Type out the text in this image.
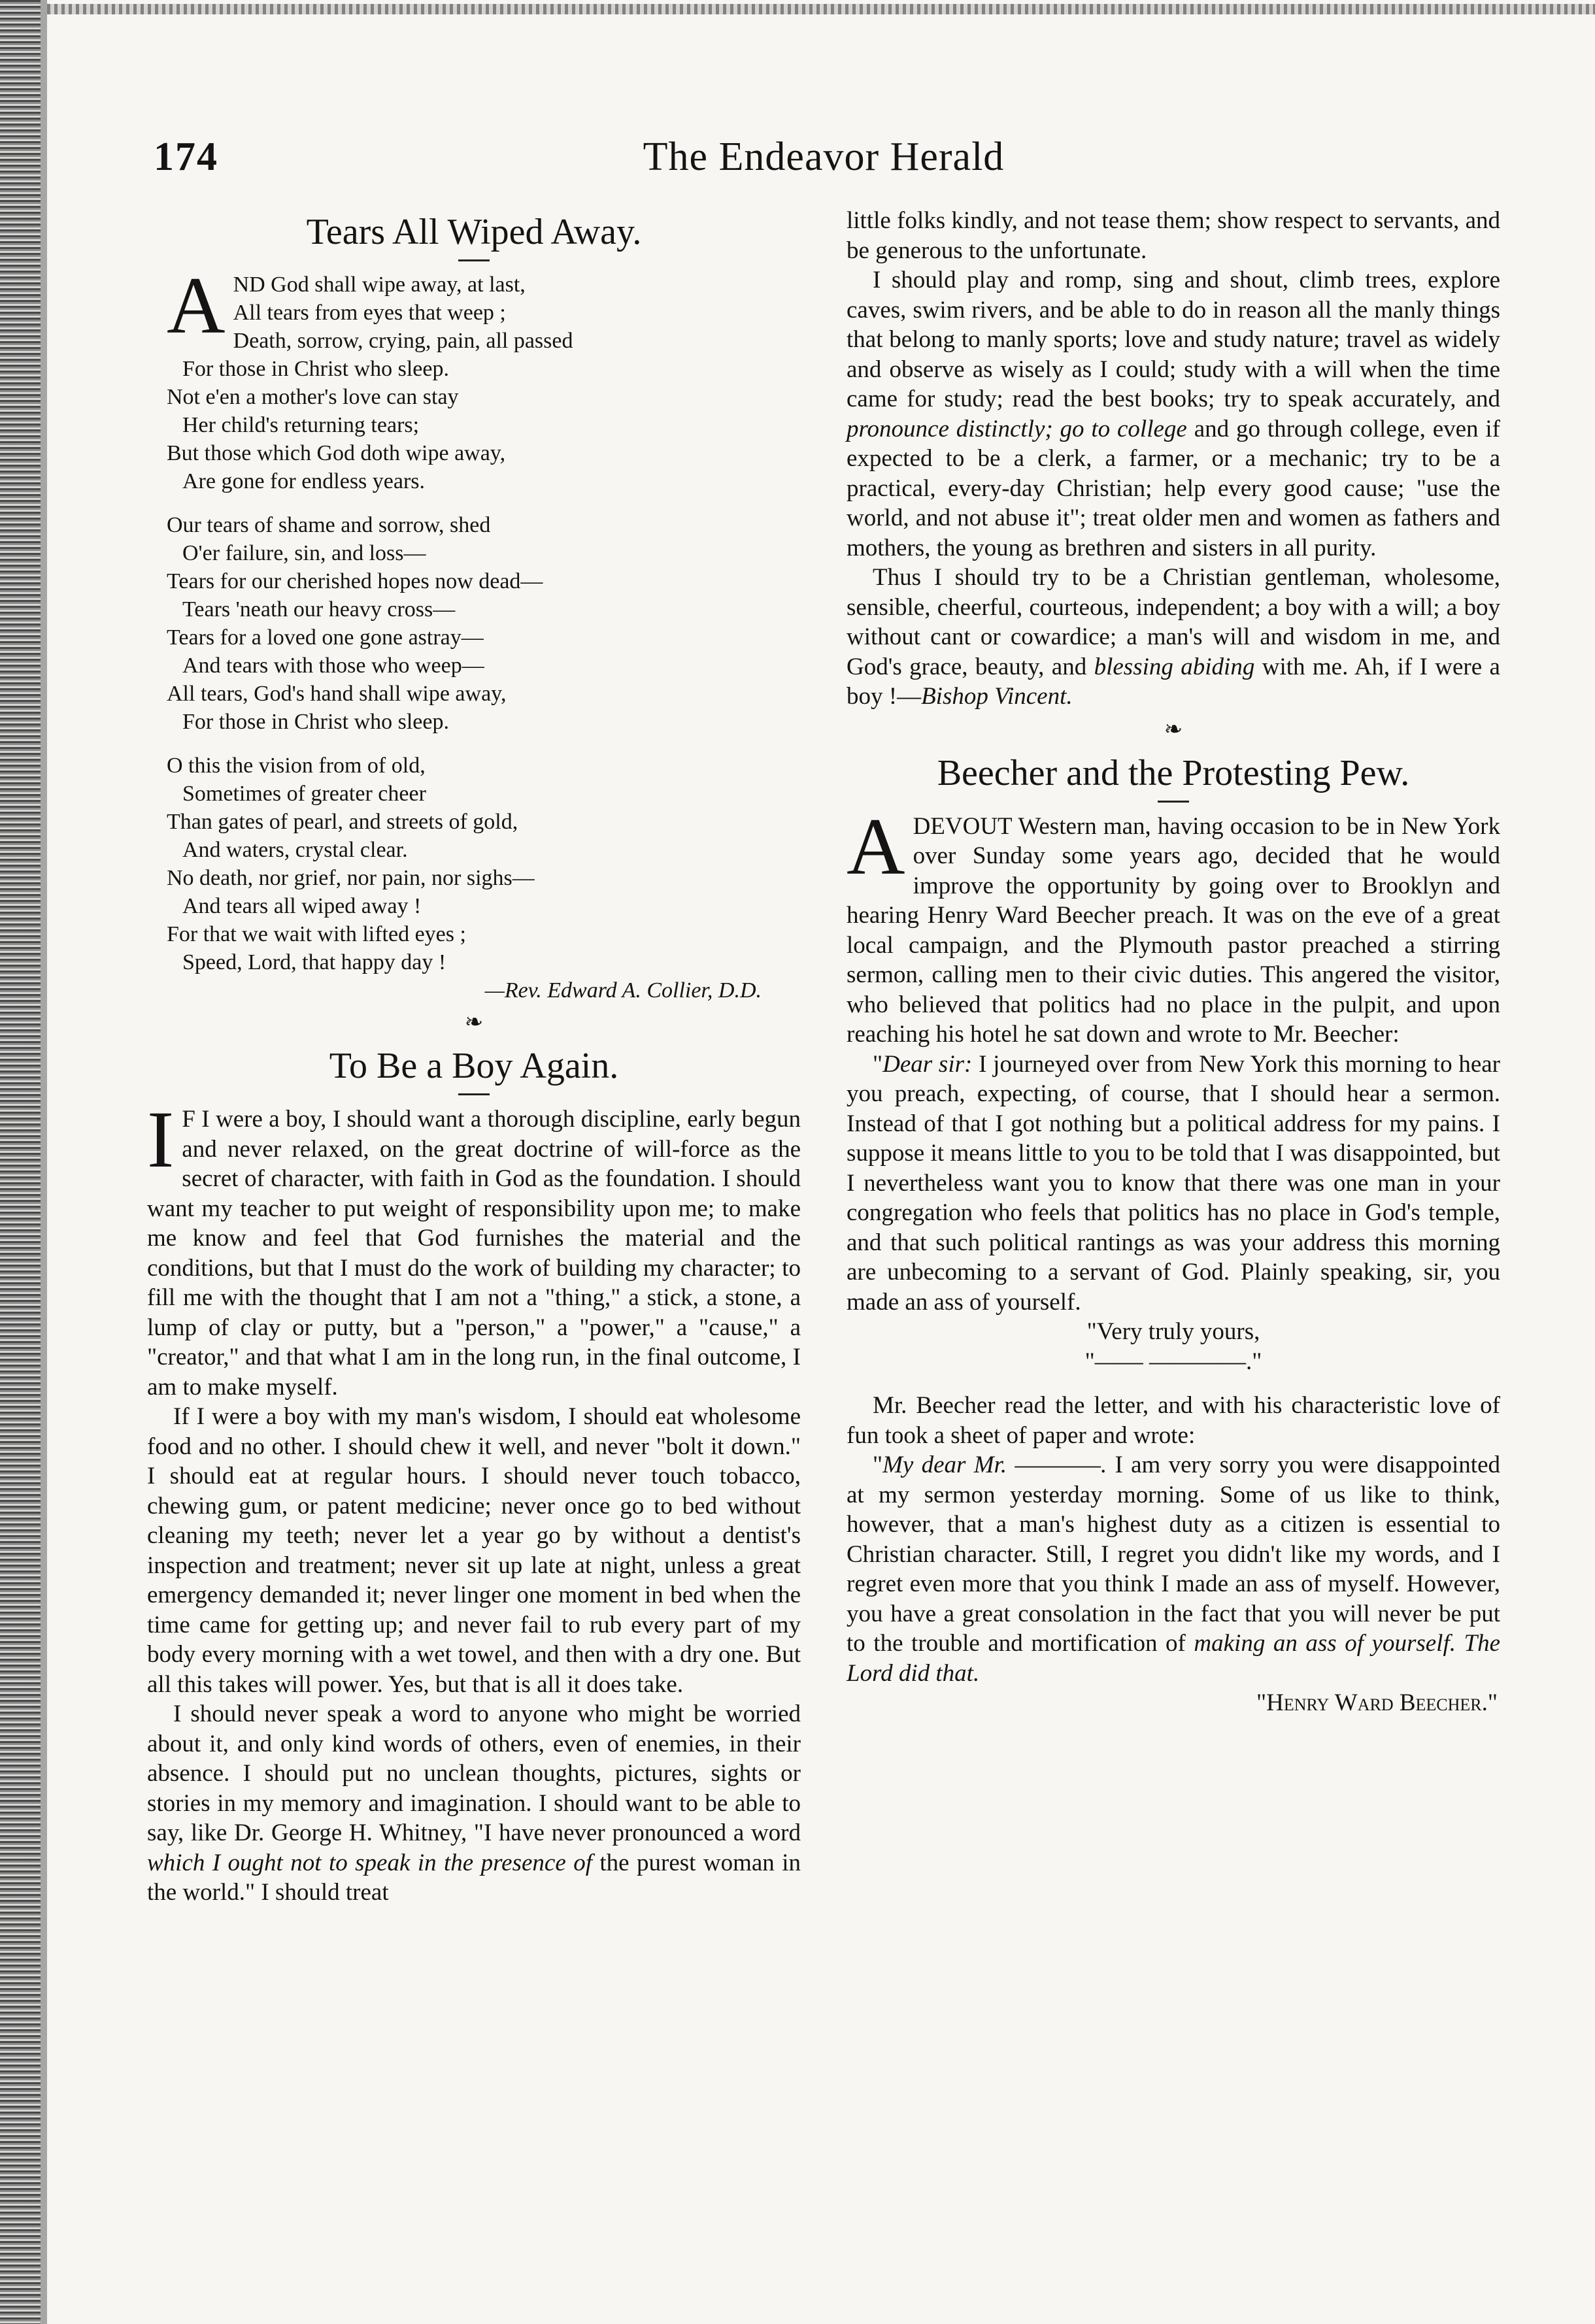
174	The Endeavor Herald
Tears All Wiped Away.
A ND God shall wipe away, at last,
All tears from eyes that weep ;
Death, sorrow, crying, pain, all passed
For those in Christ who sleep.
Not e'en a mother's love can stay
Her child's returning tears;
But those which God doth wipe away,
Are gone for endless years.
Our tears of shame and sorrow, shed
O'er failure, sin, and loss—
Tears for our cherished hopes now dead—
Tears 'neath our heavy cross—
Tears for a loved one gone astray—
And tears with those who weep—
All tears, God's hand shall wipe away,
For those in Christ who sleep.
O this the vision from of old,
Sometimes of greater cheer
Than gates of pearl, and streets of gold,
And waters, crystal clear.
No death, nor grief, nor pain, nor sighs—
And tears all wiped away !
For that we wait with lifted eyes ;
Speed, Lord, that happy day !
—Rev. Edward A. Collier, D.D.
❧
To Be a Boy Again.

I F I were a boy, I should want a thorough discipline, early begun and never relaxed, on the great doctrine of will-force as the secret of character, with faith in God as the foundation. I should want my teacher to put weight of responsibility upon me; to make me know and feel that God furnishes the material and the conditions, but that I must do the work of building my character; to fill me with the thought that I am not a "thing," a stick, a stone, a lump of clay or putty, but a "person," a "power," a "cause," a "creator," and that what I am in the long run, in the final outcome, I am to make myself.

If I were a boy with my man's wisdom, I should eat wholesome food and no other. I should chew it well, and never "bolt it down." I should eat at regular hours. I should never touch tobacco, chewing gum, or patent medicine; never once go to bed without cleaning my teeth; never let a year go by without a dentist's inspection and treatment; never sit up late at night, unless a great emergency demanded it; never linger one moment in bed when the time came for getting up; and never fail to rub every part of my body every morning with a wet towel, and then with a dry one. But all this takes will power. Yes, but that is all it does take.

I should never speak a word to anyone who might be worried about it, and only kind words of others, even of enemies, in their absence. I should put no unclean thoughts, pictures, sights or stories in my memory and imagination. I should want to be able to say, like Dr. George H. Whitney, "I have never pronounced a word which I ought not to speak in the presence of the purest woman in the world." I should treat

little folks kindly, and not tease them; show respect to servants, and be generous to the unfortunate.

I should play and romp, sing and shout, climb trees, explore caves, swim rivers, and be able to do in reason all the manly things that belong to manly sports; love and study nature; travel as widely and observe as wisely as I could; study with a will when the time came for study; read the best books; try to speak accurately, and pronounce distinctly; go to college and go through college, even if expected to be a clerk, a farmer, or a mechanic; try to be a practical, every-day Christian; help every good cause; "use the world, and not abuse it"; treat older men and women as fathers and mothers, the young as brethren and sisters in all purity.

Thus I should try to be a Christian gentleman, wholesome, sensible, cheerful, courteous, independent; a boy with a will; a boy without cant or cowardice; a man's will and wisdom in me, and God's grace, beauty, and blessing abiding with me. Ah, if I were a boy !—Bishop Vincent.

❧
Beecher and the Protesting Pew.

ADEVOUT Western man, having occasion to be in New York over Sunday some years ago, decided that he would improve the opportunity by going over to Brooklyn and hearing Henry Ward Beecher preach. It was on the eve of a great local campaign, and the Plymouth pastor preached a stirring sermon, calling men to their civic duties. This angered the visitor, who believed that politics had no place in the pulpit, and upon reaching his hotel he sat down and wrote to Mr. Beecher:

"Dear sir: I journeyed over from New York this morning to hear you preach, expecting, of course, that I should hear a sermon. Instead of that I got nothing but a political address for my pains. I suppose it means little to you to be told that I was disappointed, but I nevertheless want you to know that there was one man in your congregation who feels that politics has no place in God's temple, and that such political rantings as was your address this morning are unbecoming to a servant of God. Plainly speaking, sir, you made an ass of yourself.

"Very truly yours,
"—— ————."

Mr. Beecher read the letter, and with his characteristic love of fun took a sheet of paper and wrote:

"My dear Mr. ————. I am very sorry you were disappointed at my sermon yesterday morning. Some of us like to think, however, that a man's highest duty as a citizen is essential to Christian character. Still, I regret you didn't like my words, and I regret even more that you think I made an ass of myself. However, you have a great consolation in the fact that you will never be put to the trouble and mortification of making an ass of yourself. The Lord did that.

"Henry Ward Beecher."
